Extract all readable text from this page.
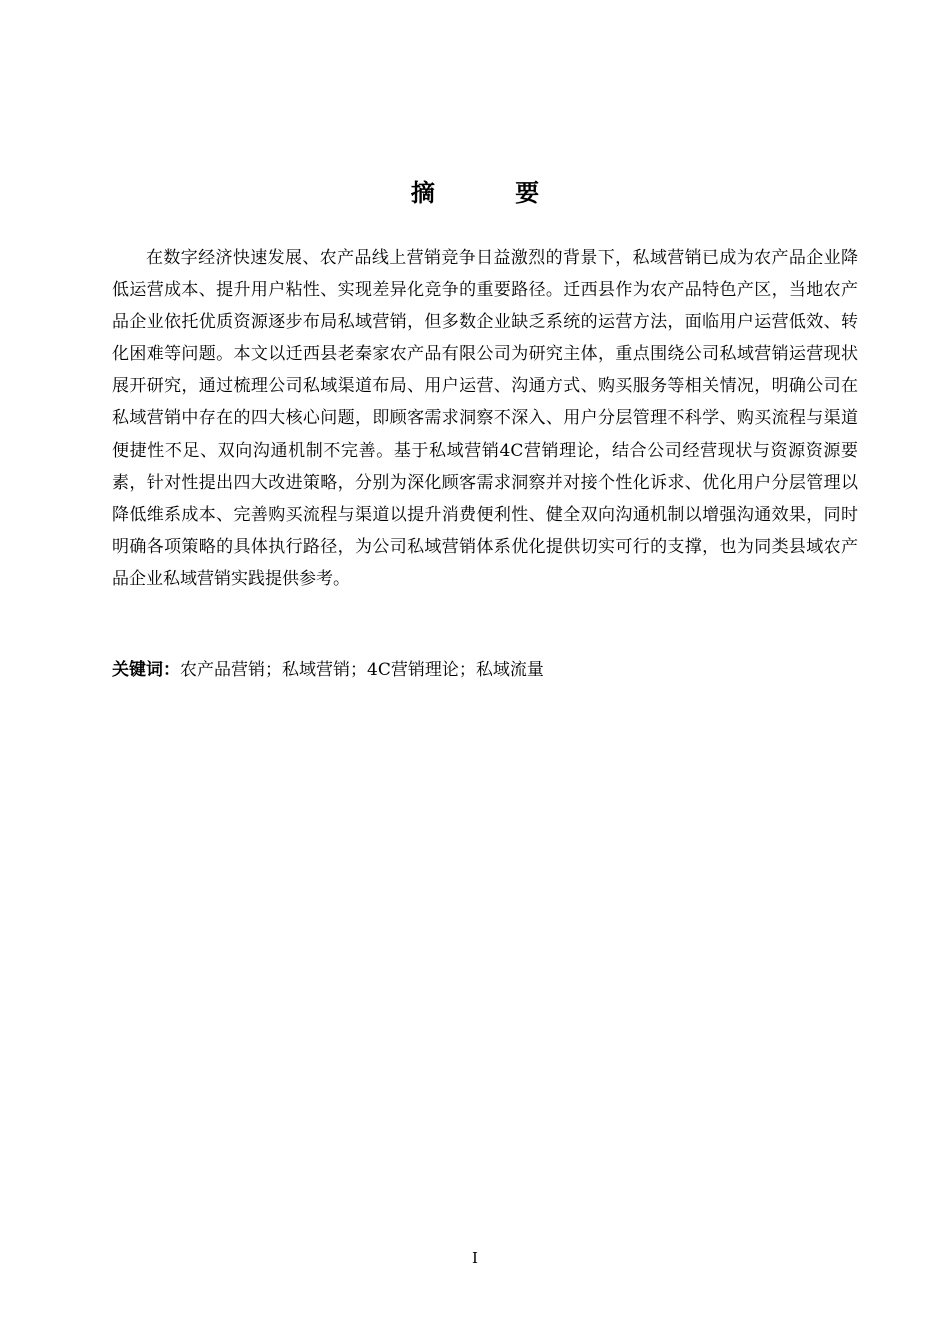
摘 要

在数字经济快速发展、农产品线上营销竞争日益激烈的背景下，私域营销已成为农产品企业降低运营成本、提升用户粘性、实现差异化竞争的重要路径。迁西县作为农产品特色产区，当地农产品企业依托优质资源逐步布局私域营销，但多数企业缺乏系统的运营方法，面临用户运营低效、转化困难等问题。本文以迁西县老秦家农产品有限公司为研究主体，重点围绕公司私域营销运营现状展开研究，通过梳理公司私域渠道布局、用户运营、沟通方式、购买服务等相关情况，明确公司在私域营销中存在的四大核心问题，即顾客需求洞察不深入、用户分层管理不科学、购买流程与渠道便捷性不足、双向沟通机制不完善。基于私域营销4C营销理论，结合公司经营现状与资源资源要素，针对性提出四大改进策略，分别为深化顾客需求洞察并对接个性化诉求、优化用户分层管理以降低维系成本、完善购买流程与渠道以提升消费便利性、健全双向沟通机制以增强沟通效果，同时明确各项策略的具体执行路径，为公司私域营销体系优化提供切实可行的支撑，也为同类县域农产品企业私域营销实践提供参考。

关键词：农产品营销；私域营销；4C营销理论；私域流量

I
